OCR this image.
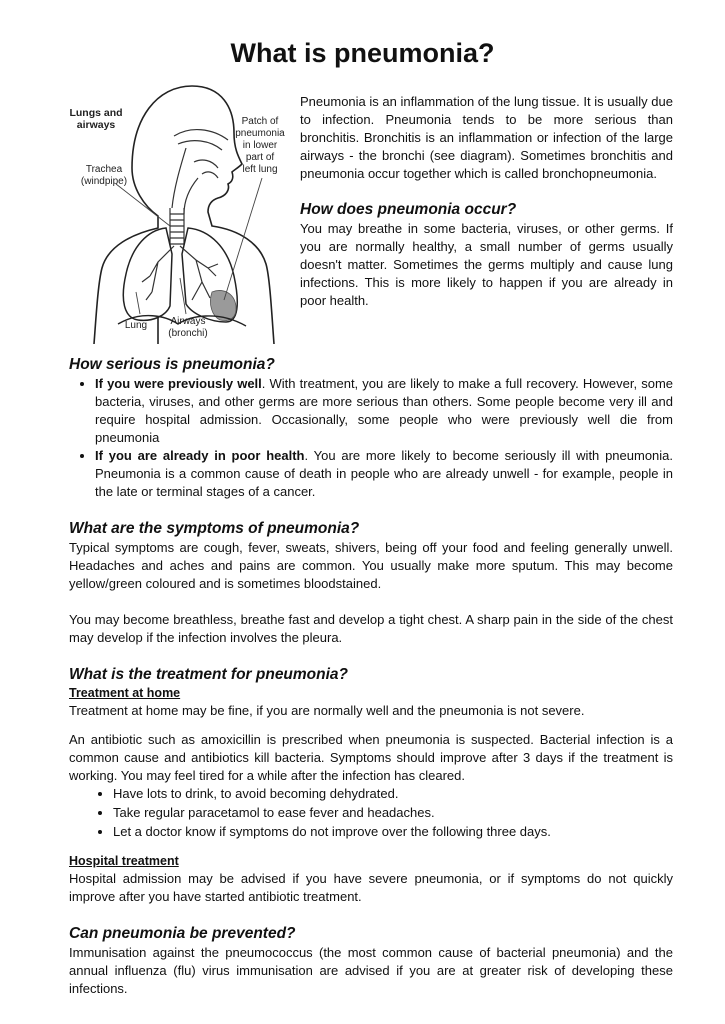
What is pneumonia?
Lungs and
airways
Trachea
(windpipe)
Patch of
pneumonia
in lower
part of
left lung
Lung Airways
(bronchi)

Pneumonia is an inflammation of the lung tissue. It is usually due to infection. Pneumonia tends to be more serious than bronchitis. Bronchitis is an inflammation or infection of the large airways - the bronchi (see diagram). Sometimes bronchitis and pneumonia occur together which is called bronchopneumonia.

How does pneumonia occur?

You may breathe in some bacteria, viruses, or other germs. If you are normally healthy, a small number of germs usually doesn't matter. Sometimes the germs multiply and cause lung infections. This is more likely to happen if you are already in poor health.

How serious is pneumonia?
• If you were previously well. With treatment, you are likely to make a full recovery. However, some bacteria, viruses, and other germs are more serious than others. Some people become very ill and require hospital admission. Occasionally, some people who were previously well die from pneumonia
• If you are already in poor health. You are more likely to become seriously ill with pneumonia. Pneumonia is a common cause of death in people who are already unwell - for example, people in the late or terminal stages of a cancer.
What are the symptoms of pneumonia?

Typical symptoms are cough, fever, sweats, shivers, being off your food and feeling generally unwell. Headaches and aches and pains are common. You usually make more sputum. This may become yellow/green coloured and is sometimes bloodstained.

You may become breathless, breathe fast and develop a tight chest. A sharp pain in the side of the chest may develop if the infection involves the pleura.

What is the treatment for pneumonia?
Treatment at home

Treatment at home may be fine, if you are normally well and the pneumonia is not severe.

An antibiotic such as amoxicillin is prescribed when pneumonia is suspected. Bacterial infection is a common cause and antibiotics kill bacteria. Symptoms should improve after 3 days if the treatment is working. You may feel tired for a while after the infection has cleared.

• Have lots to drink, to avoid becoming dehydrated.
• Take regular paracetamol to ease fever and headaches.
• Let a doctor know if symptoms do not improve over the following three days.
Hospital treatment

Hospital admission may be advised if you have severe pneumonia, or if symptoms do not quickly improve after you have started antibiotic treatment.

Can pneumonia be prevented?

Immunisation against the pneumococcus (the most common cause of bacterial pneumonia) and the annual influenza (flu) virus immunisation are advised if you are at greater risk of developing these infections.
